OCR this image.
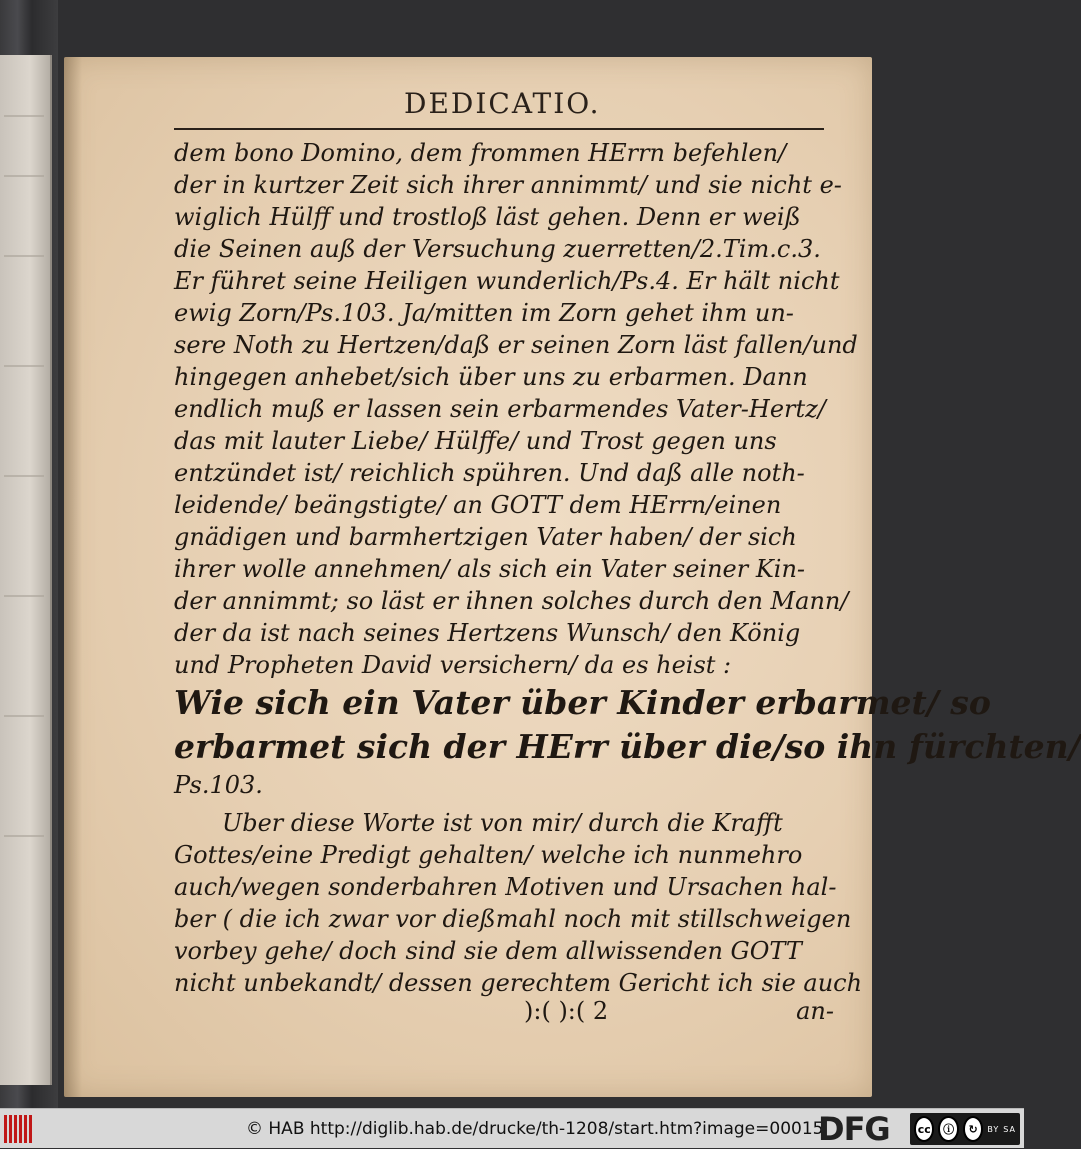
DEDICATIO.
dem bono Domino, dem frommen HErrn befehlen/
der in kurtzer Zeit sich ihrer annimmt/ und sie nicht e-
wiglich Hülff und trostloß läst gehen. Denn er weiß
die Seinen auß der Versuchung zuerretten/2.Tim.c.3.
Er führet seine Heiligen wunderlich/Ps.4. Er hält nicht
ewig Zorn/Ps.103. Ja/mitten im Zorn gehet ihm un-
sere Noth zu Hertzen/daß er seinen Zorn läst fallen/und
hingegen anhebet/sich über uns zu erbarmen. Dann
endlich muß er lassen sein erbarmendes Vater-Hertz/
das mit lauter Liebe/ Hülffe/ und Trost gegen uns
entzündet ist/ reichlich spühren. Und daß alle noth-
leidende/ beängstigte/ an GOTT dem HErrn/einen
gnädigen und barmhertzigen Vater haben/ der sich
ihrer wolle annehmen/ als sich ein Vater seiner Kin-
der annimmt; so läst er ihnen solches durch den Mann/
der da ist nach seines Hertzens Wunsch/ den König
und Propheten David versichern/ da es heist :
Wie sich ein Vater über Kinder erbarmet/ so
erbarmet sich der HErr über die/so ihn fürchten/
Ps.103.
Uber diese Worte ist von mir/ durch die Krafft
Gottes/eine Predigt gehalten/ welche ich nunmehro
auch/wegen sonderbahren Motiven und Ursachen hal-
ber ( die ich zwar vor dießmahl noch mit stillschweigen
vorbey gehe/ doch sind sie dem allwissenden GOTT
nicht unbekandt/ dessen gerechtem Gericht ich sie auch
):( ):( 2	an-
© HAB http://diglib.hab.de/drucke/th-1208/start.htm?image=00015
DFG	cc	ⓘ	↻	BY SA
